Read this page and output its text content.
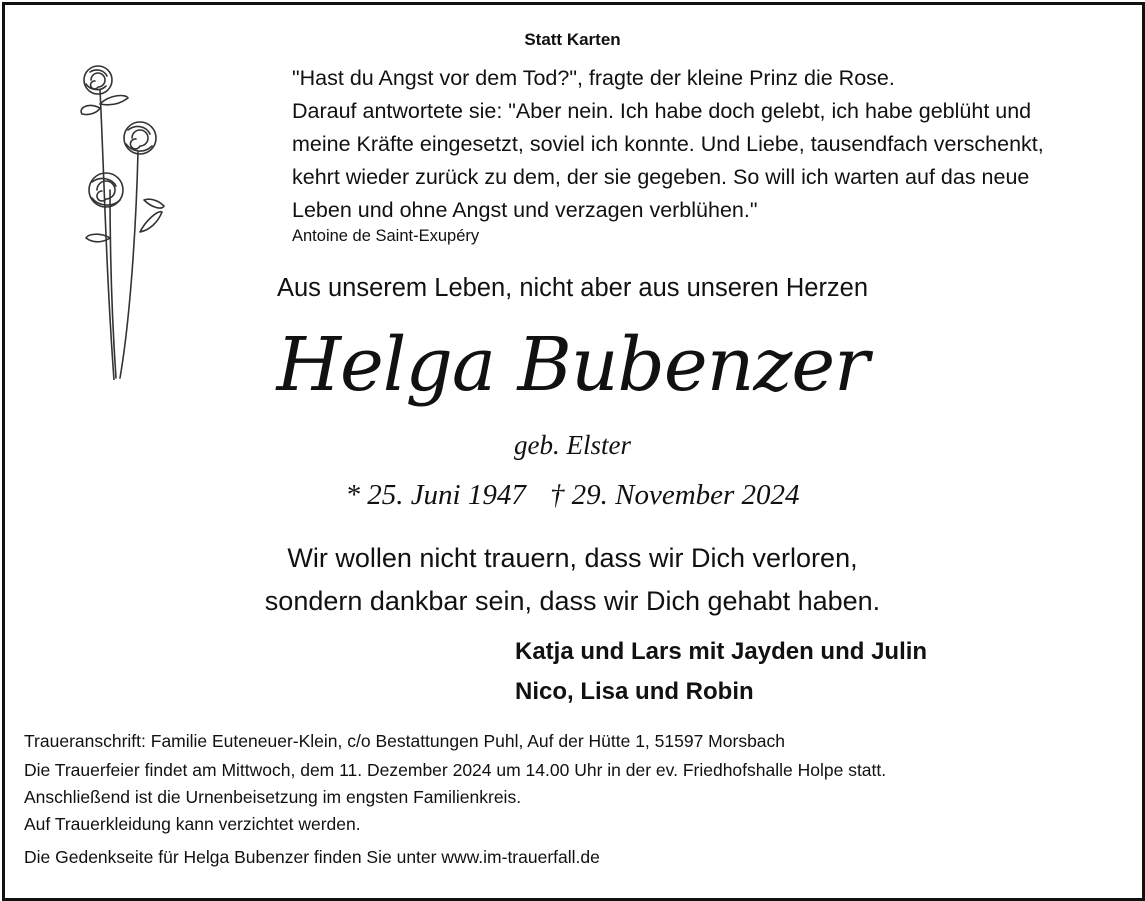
Statt Karten
"Hast du Angst vor dem Tod?", fragte der kleine Prinz die Rose.
Darauf antwortete sie: "Aber nein. Ich habe doch gelebt, ich habe geblüht und
meine Kräfte eingesetzt, soviel ich konnte. Und Liebe, tausendfach verschenkt,
kehrt wieder zurück zu dem, der sie gegeben. So will ich warten auf das neue
Leben und ohne Angst und verzagen verblühen."
Antoine de Saint-Exupéry
Aus unserem Leben, nicht aber aus unseren Herzen
Helga Bubenzer
geb. Elster
* 25. Juni 1947 † 29. November 2024
Wir wollen nicht trauern, dass wir Dich verloren,
sondern dankbar sein, dass wir Dich gehabt haben.
Katja und Lars mit Jayden und Julin
Nico, Lisa und Robin
Traueranschrift: Familie Euteneuer-Klein, c/o Bestattungen Puhl, Auf der Hütte 1, 51597 Morsbach
Die Trauerfeier findet am Mittwoch, dem 11. Dezember 2024 um 14.00 Uhr in der ev. Friedhofshalle Holpe statt.
Anschließend ist die Urnenbeisetzung im engsten Familienkreis.
Auf Trauerkleidung kann verzichtet werden.
Die Gedenkseite für Helga Bubenzer finden Sie unter www.im-trauerfall.de
